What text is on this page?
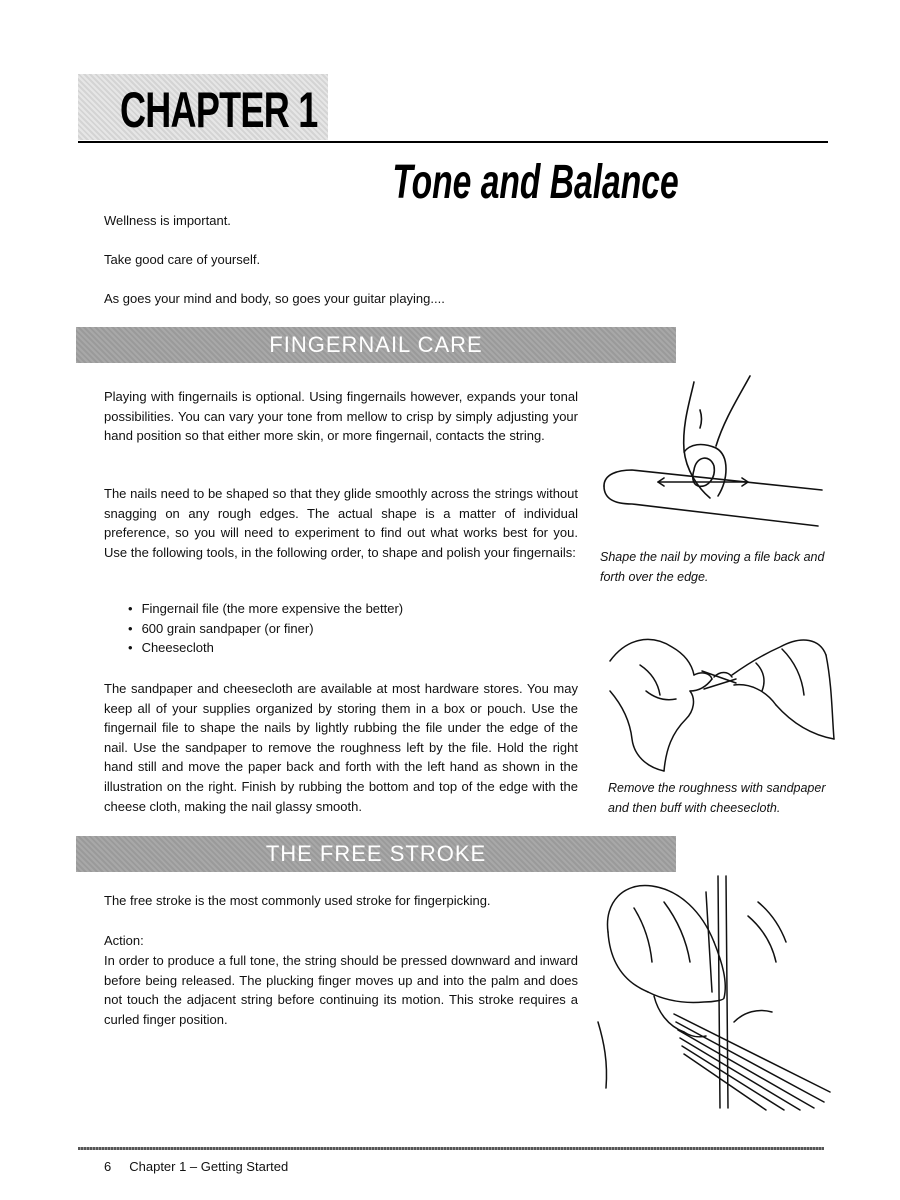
CHAPTER 1
Tone and Balance

Wellness is important.

Take good care of yourself.

As goes your mind and body, so goes your guitar playing....

FINGERNAIL CARE

Playing with fingernails is optional. Using fingernails however, expands your tonal possibilities. You can vary your tone from mellow to crisp by simply adjusting your hand position so that either more skin, or more fingernail, contacts the string.

The nails need to be shaped so that they glide smoothly across the strings without snagging on any rough edges. The actual shape is a matter of individual preference, so you will need to experiment to find out what works best for you. Use the following tools, in the following order, to shape and polish your fingernails:

• Fingernail file (the more expensive the better)
• 600 grain sandpaper (or finer)
• Cheesecloth

The sandpaper and cheesecloth are available at most hardware stores. You may keep all of your supplies organized by storing them in a box or pouch. Use the fingernail file to shape the nails by lightly rubbing the file under the edge of the nail. Use the sandpaper to remove the roughness left by the file. Hold the right hand still and move the paper back and forth with the left hand as shown in the illustration on the right. Finish by rubbing the bottom and top of the edge with the cheese cloth, making the nail glassy smooth.

Shape the nail by moving a file back and forth over the edge.
Remove the roughness with sandpaper and then buff with cheesecloth.
THE FREE STROKE

The free stroke is the most commonly used stroke for fingerpicking.

Action:

In order to produce a full tone, the string should be pressed downward and inward before being released. The plucking finger moves up and into the palm and does not touch the adjacent string before continuing its motion. This stroke requires a curled finger position.

6 Chapter 1 – Getting Started
